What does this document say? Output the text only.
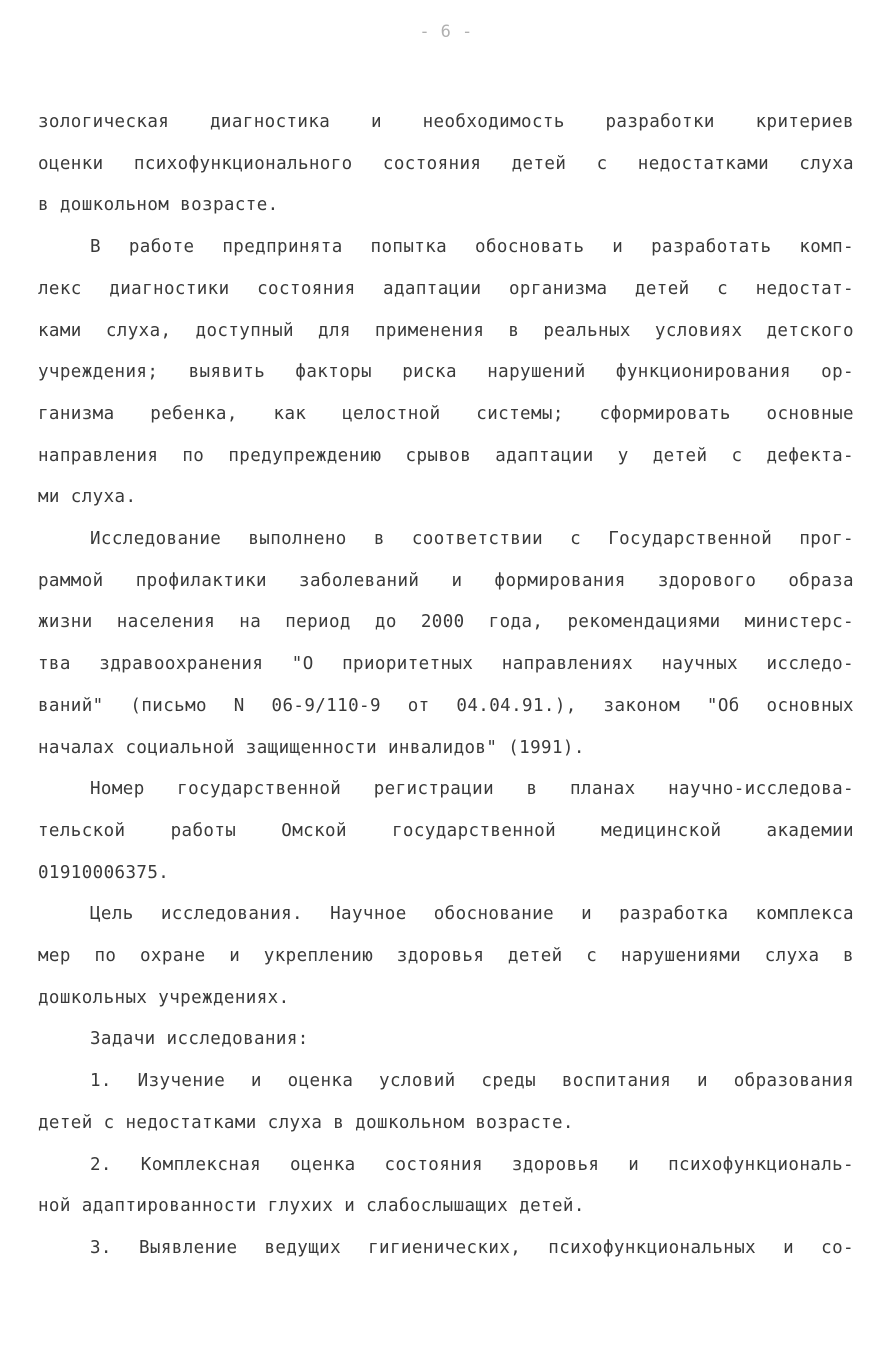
- 6 -
зологическая диагностика и необходимость разработки критериев
оценки психофункционального состояния детей с недостатками слуха
в дошкольном возрасте.
В работе предпринята попытка обосновать и разработать комп-
лекс диагностики состояния адаптации организма детей с недостат-
ками слуха, доступный для применения в реальных условиях детского
учреждения; выявить факторы риска нарушений функционирования ор-
ганизма ребенка, как целостной системы; сформировать основные
направления по предупреждению срывов адаптации у детей с дефекта-
ми слуха.
Исследование выполнено в соответствии с Государственной прог-
раммой профилактики заболеваний и формирования здорового образа
жизни населения на период до 2000 года, рекомендациями министерс-
тва здравоохранения "О приоритетных направлениях научных исследо-
ваний" (письмо N 06-9/110-9 от 04.04.91.), законом "Об основных
началах социальной защищенности инвалидов" (1991).
Номер государственной регистрации в планах научно-исследова-
тельской работы Омской государственной медицинской академии
01910006375.
Цель исследования. Научное обоснование и разработка комплекса
мер по охране и укреплению здоровья детей с нарушениями слуха в
дошкольных учреждениях.
Задачи исследования:
1. Изучение и оценка условий среды воспитания и образования
детей с недостатками слуха в дошкольном возрасте.
2. Комплексная оценка состояния здоровья и психофункциональ-
ной адаптированности глухих и слабослышащих детей.
3. Выявление ведущих гигиенических, психофункциональных и со-
